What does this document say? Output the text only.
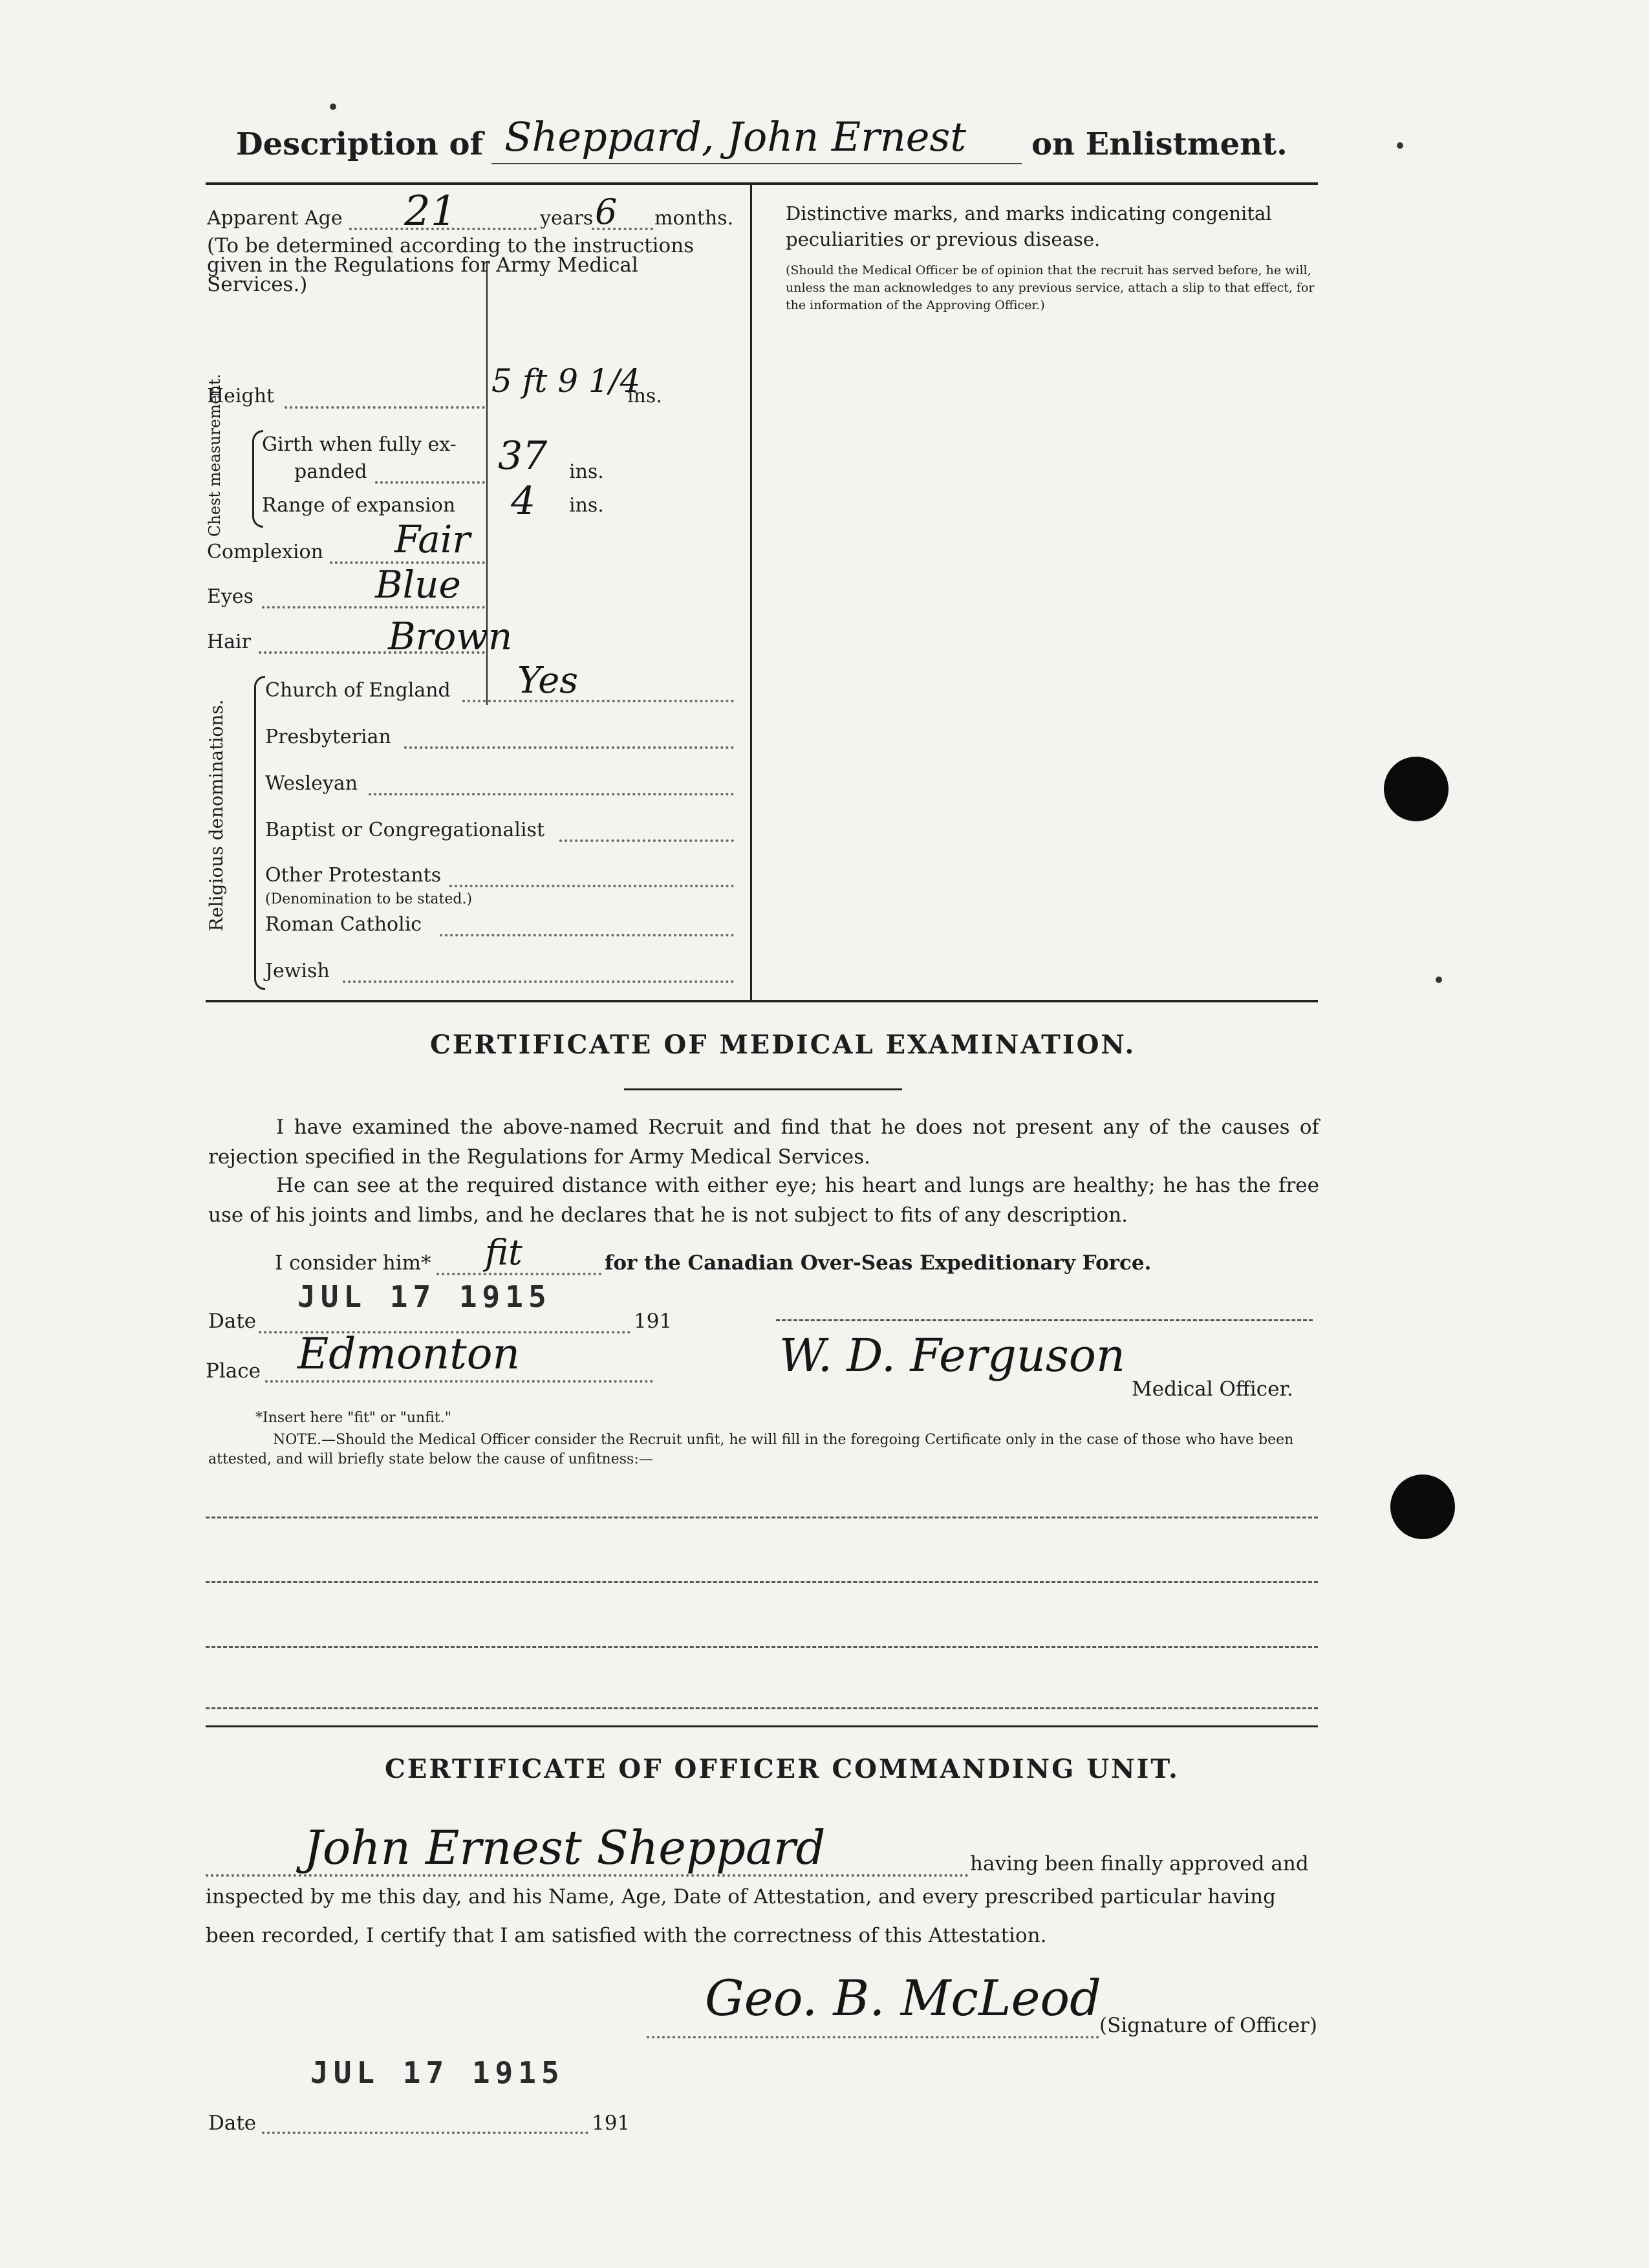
Description of Sheppard, John Ernest on Enlistment.
Apparent Age 21	years 6 months.
(To be determined according to the instructions given in the Regulations for Army Medical Services.)
Distinctive marks, and marks indicating congenital peculiarities or previous disease.
(Should the Medical Officer be of opinion that the recruit has served before, he will, unless the man acknowledges to any previous service, attach a slip to that effect, for the information of the Approving Officer.)
Height	5 ft 9 1/4
ins.
Chest measurement. Girth when fully ex-
panded	37 ins.
Range of expansion 4 ins.
Complexion Fair
Eyes	Blue
Hair	Brown
Religious denominations.
Church of England Yes
Presbyterian
Wesleyan
Baptist or Congregationalist
Other Protestants
(Denomination to be stated.)
Roman Catholic
Jewish
CERTIFICATE OF MEDICAL EXAMINATION.
I have examined the above-named Recruit and find that he does not present any of the causes of rejection specified in the Regulations for Army Medical Services.
He can see at the required distance with either eye; his heart and lungs are healthy; he has the free use of his joints and limbs, and he declares that he is not subject to fits of any description.
I consider him* fit	for the Canadian Over-Seas Expeditionary Force.
JUL 17 1915
Date	191
Place Edmonton	W. D. Ferguson
Medical Officer.
*Insert here "fit" or "unfit."
NOTE.—Should the Medical Officer consider the Recruit unfit, he will fill in the foregoing Certificate only in the case of those who have been attested, and will briefly state below the cause of unfitness:—
CERTIFICATE OF OFFICER COMMANDING UNIT.
John Ernest Sheppard	having been finally approved and
inspected by me this day, and his Name, Age, Date of Attestation, and every prescribed particular having
been recorded, I certify that I am satisfied with the correctness of this Attestation.
Geo. B. McLeod
(Signature of Officer)
JUL 17 1915
Date	191
